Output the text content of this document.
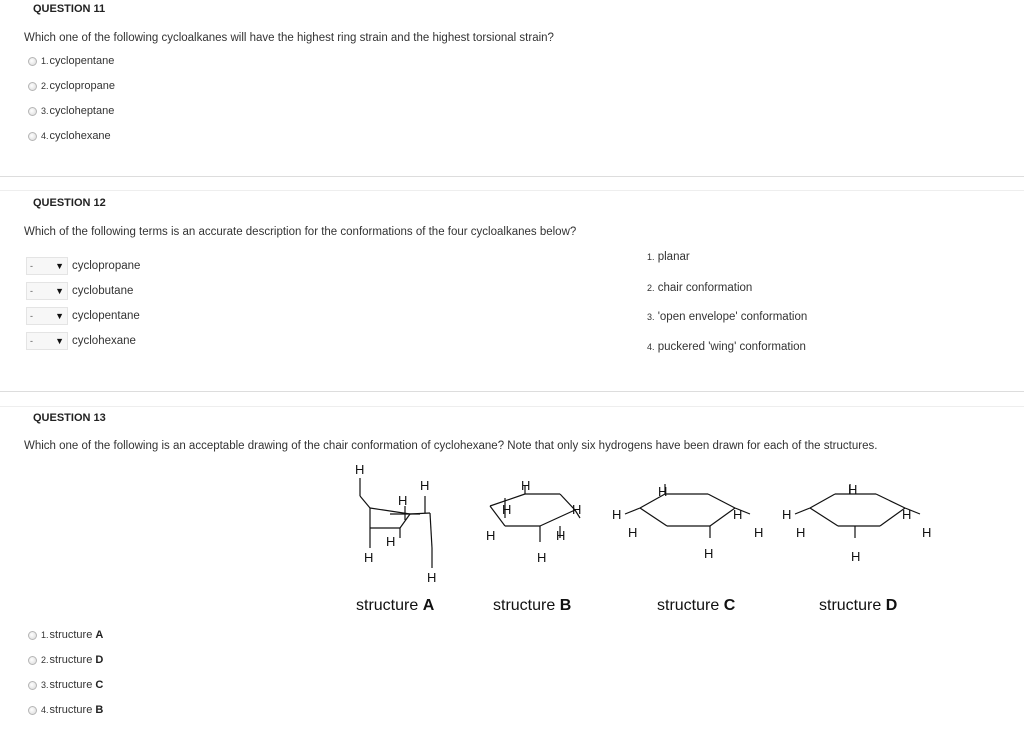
QUESTION 11
Which one of the following cycloalkanes will have the highest ring strain and the highest torsional strain?
1. cyclopentane
2. cyclopropane
3. cycloheptane
4. cyclohexane
QUESTION 12
Which of the following terms is an accurate description for the conformations of the four cycloalkanes below?
- ▼ cyclopropane
- ▼ cyclobutane
- ▼ cyclopentane
- ▼ cyclohexane
1. planar
2. chair conformation
3. 'open envelope' conformation
4. puckered 'wing' conformation
QUESTION 13
Which one of the following is an acceptable drawing of the chair conformation of cyclohexane? Note that only six hydrogens have been drawn for each of the structures.
H
H
H
H
H
H
H
H	H
H	H
H
H
H	H
H	H
H
H
H	H
H	H
H
structure A	structure B	structure C	structure D
1. structure
A
2. structure
D
3. structure
C
4. structure
B
